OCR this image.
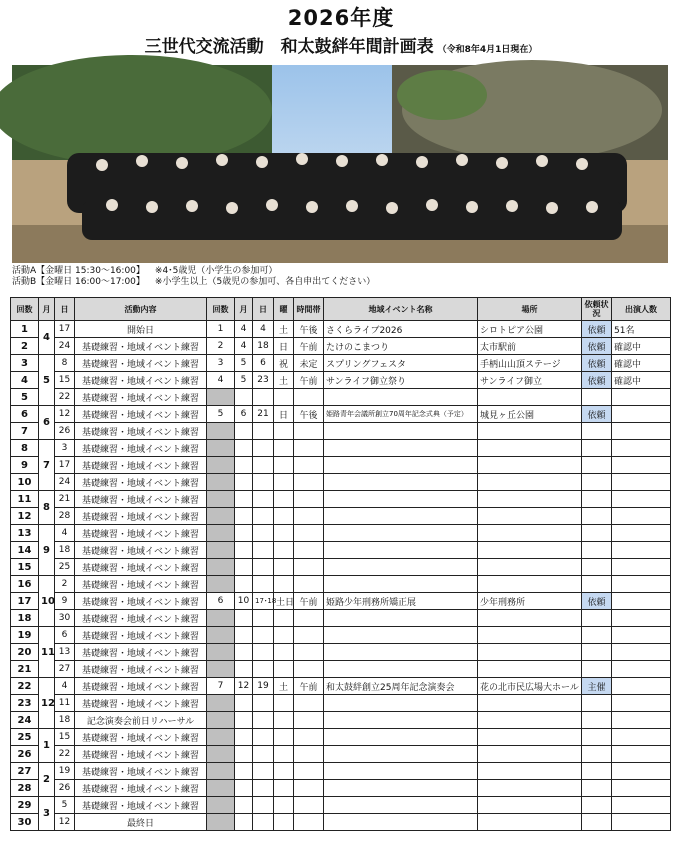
2026年度
三世代交流活動　和太鼓絆年間計画表 （令和8年4月1日現在）
活動A【金曜日 15:30〜16:00】 ※4･5歳児（小学生の参加可）
活動B【金曜日 16:00〜17:00】 ※小学生以上（5歳児の参加可、各自申出てください）
回数	月	日	活動内容	回数	月	日	曜	時間帯	地域イベント名称	場所	依頼状況	出演人数
1	4	17	開始日	1	4	4	土	午後	さくらライブ2026	シロトピア公園	依頼	51名
2		24	基礎練習・地域イベント練習	2	4	18	日	午前	たけのこまつり	太市駅前	依頼	確認中
3	5	8	基礎練習・地域イベント練習	3	5	6	祝	未定	スプリングフェスタ	手柄山山頂ステージ	依頼	確認中
4		15	基礎練習・地域イベント練習	4	5	23	土	午前	サンライフ御立祭り	サンライフ御立	依頼	確認中
5		22	基礎練習・地域イベント練習									
6	6	12	基礎練習・地域イベント練習	5	6	21	日	午後	姫路青年会議所創立70周年記念式典（予定）	城見ヶ丘公園	依頼	
7		26	基礎練習・地域イベント練習									
8	7	3	基礎練習・地域イベント練習									
9		17	基礎練習・地域イベント練習									
10		24	基礎練習・地域イベント練習									
11	8	21	基礎練習・地域イベント練習									
12		28	基礎練習・地域イベント練習									
13	9	4	基礎練習・地域イベント練習									
14		18	基礎練習・地域イベント練習									
15		25	基礎練習・地域イベント練習									
16	10	2	基礎練習・地域イベント練習									
17		9	基礎練習・地域イベント練習	6	10	17･18	土日	午前	姫路少年刑務所矯正展	少年刑務所	依頼	
18		30	基礎練習・地域イベント練習									
19	11	6	基礎練習・地域イベント練習									
20		13	基礎練習・地域イベント練習									
21		27	基礎練習・地域イベント練習									
22	12	4	基礎練習・地域イベント練習	7	12	19	土	午前	和太鼓絆創立25周年記念演奏会	花の北市民広場大ホール	主催	
23		11	基礎練習・地域イベント練習									
24		18	記念演奏会前日リハーサル									
25	1	15	基礎練習・地域イベント練習									
26		22	基礎練習・地域イベント練習									
27	2	19	基礎練習・地域イベント練習									
28		26	基礎練習・地域イベント練習									
29	3	5	基礎練習・地域イベント練習									
30		12	最終日									
